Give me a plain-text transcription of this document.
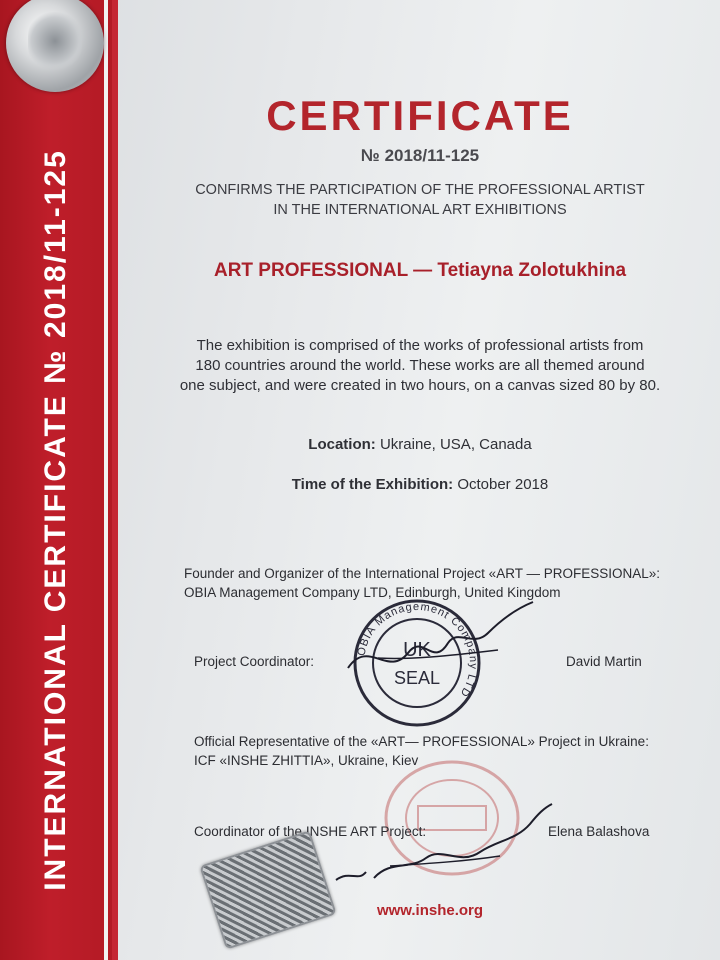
INTERNATIONAL CERTIFICATE № 2018/11-125
CERTIFICATE
№ 2018/11-125
CONFIRMS THE PARTICIPATION OF THE PROFESSIONAL ARTIST
IN THE INTERNATIONAL ART EXHIBITIONS
ART PROFESSIONAL — Tetiayna Zolotukhina
The exhibition is comprised of the works of professional artists from
180 countries around the world. These works are all themed around
one subject, and were created in two hours, on a canvas sized 80 by 80.
Location: Ukraine, USA, Canada
Time of the Exhibition: October 2018
Founder and Organizer of the International Project «ART — PROFESSIONAL»:
OBIA Management Company LTD, Edinburgh, United Kingdom
OBIA Management Company LTD
UK
SEAL
Project Coordinator:	David Martin
Official Representative of the «ART— PROFESSIONAL» Project in Ukraine:
ICF «INSHE ZHITTIA», Ukraine, Kiev
Coordinator of the INSHE ART Project:	Elena Balashova
www.inshe.org
